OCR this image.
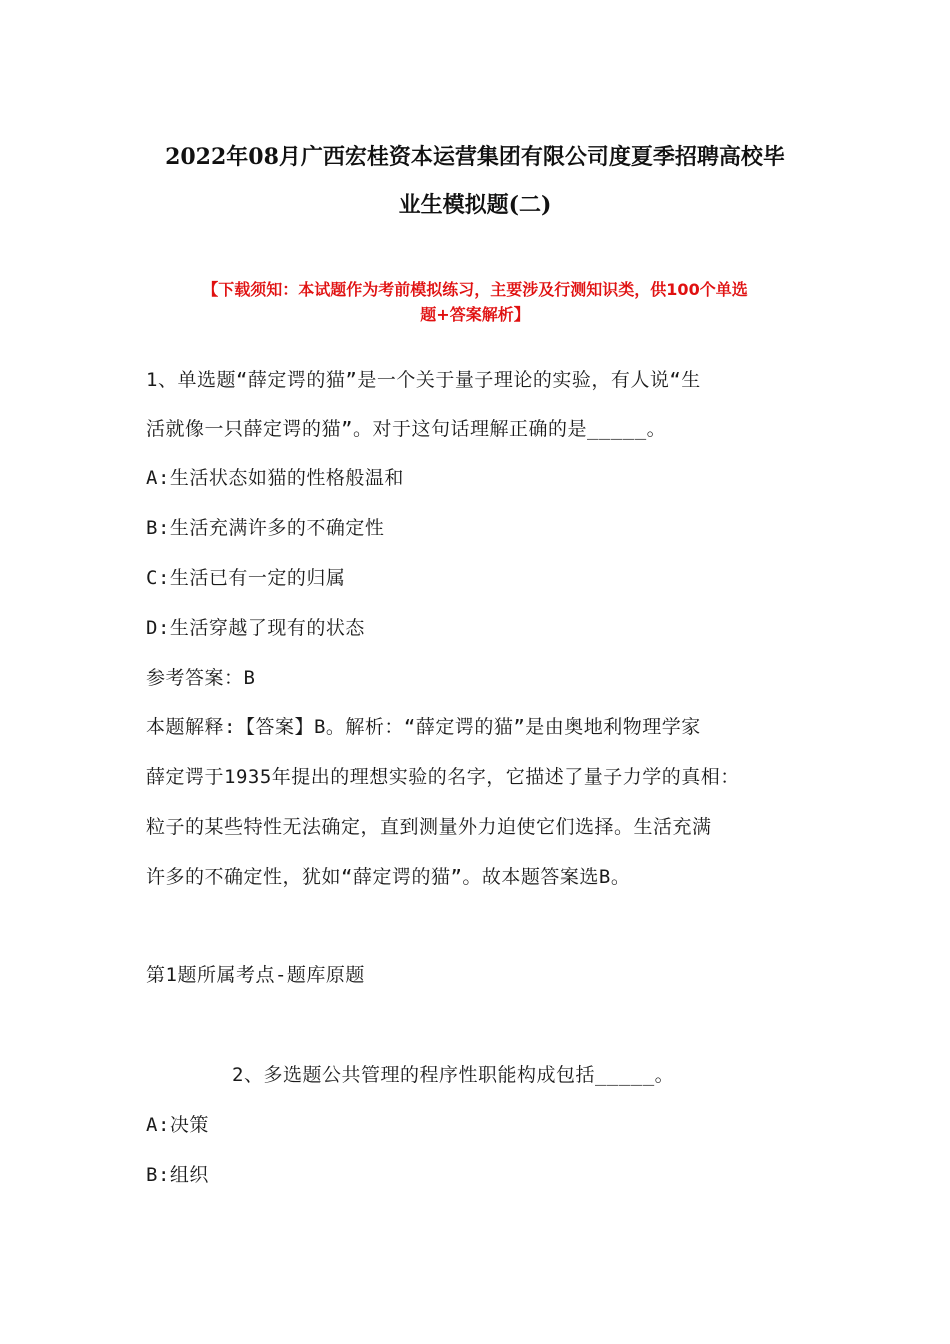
2022年08月广西宏桂资本运营集团有限公司度夏季招聘高校毕
业生模拟题(二)
【下载须知：本试题作为考前模拟练习，主要涉及行测知识类，供100个单选
题+答案解析】
1、单选题“薛定谔的猫”是一个关于量子理论的实验，有人说“生
活就像一只薛定谔的猫”。对于这句话理解正确的是_____。
A:生活状态如猫的性格般温和
B:生活充满许多的不确定性
C:生活已有一定的归属
D:生活穿越了现有的状态
参考答案：B
本题解释:【答案】B。解析：“薛定谔的猫”是由奥地利物理学家
薛定谔于1935年提出的理想实验的名字，它描述了量子力学的真相：
粒子的某些特性无法确定，直到测量外力迫使它们选择。生活充满
许多的不确定性，犹如“薛定谔的猫”。故本题答案选B。
第1题所属考点-题库原题
2、多选题公共管理的程序性职能构成包括_____。
A:决策
B:组织
